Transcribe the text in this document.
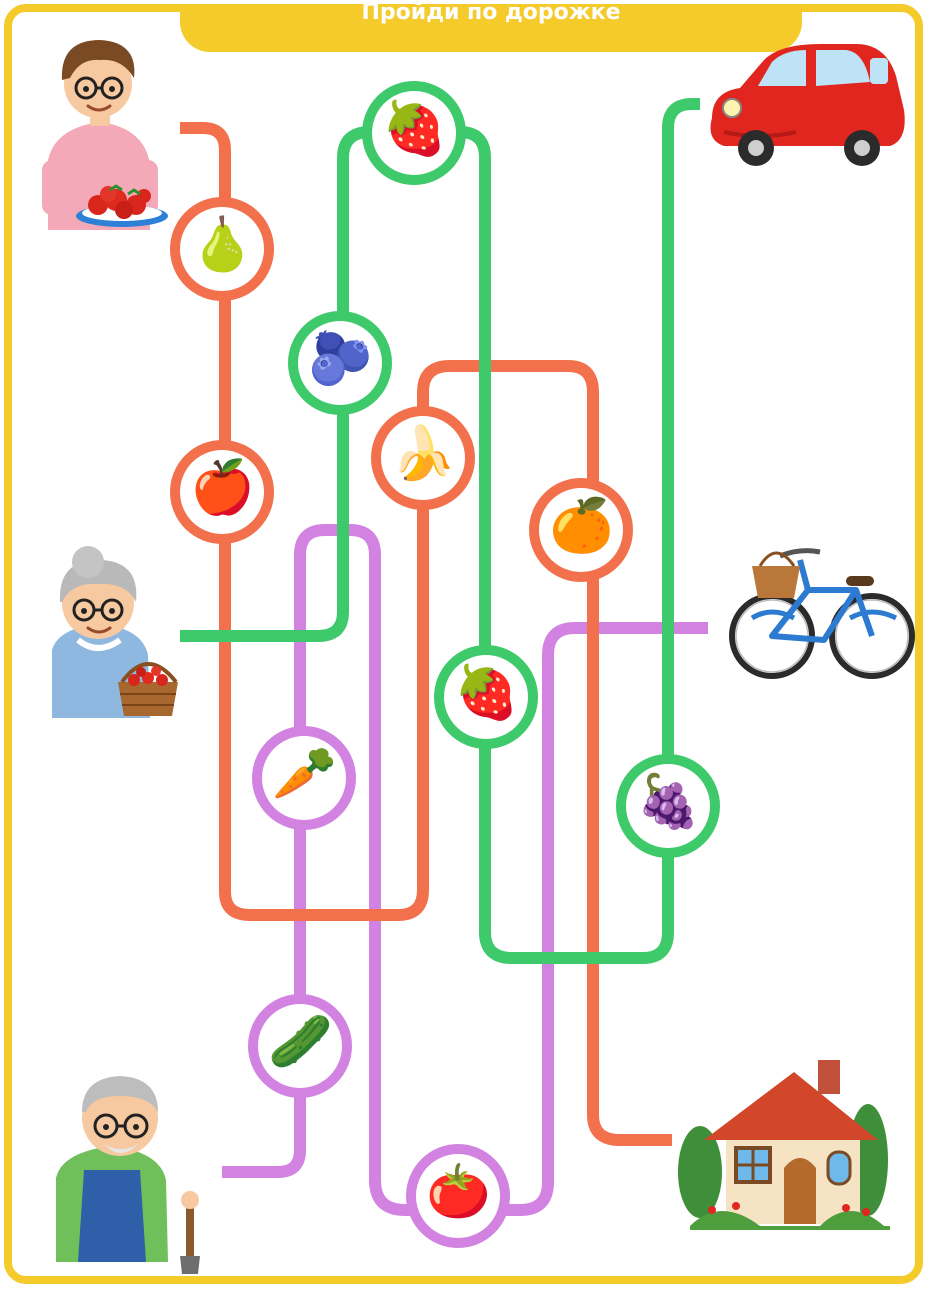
Пройди по дорожке
🍐
🍎
🍌
🍊
🍓
🫐
🍓
🍇
🥕
🥒
🍅
